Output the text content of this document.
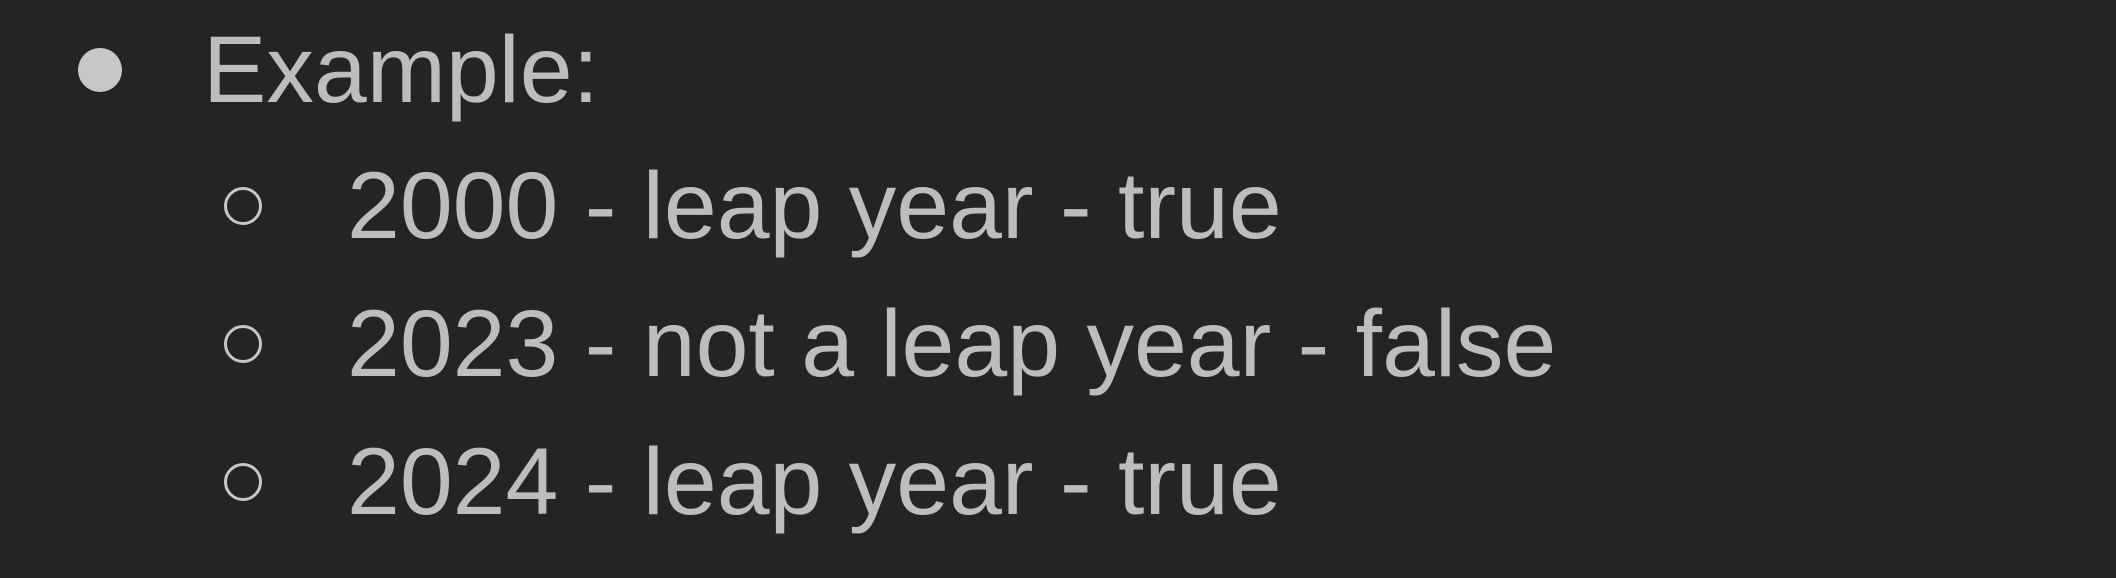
Example:
2000 - leap year - true
2023 - not a leap year - false
2024 - leap year - true
